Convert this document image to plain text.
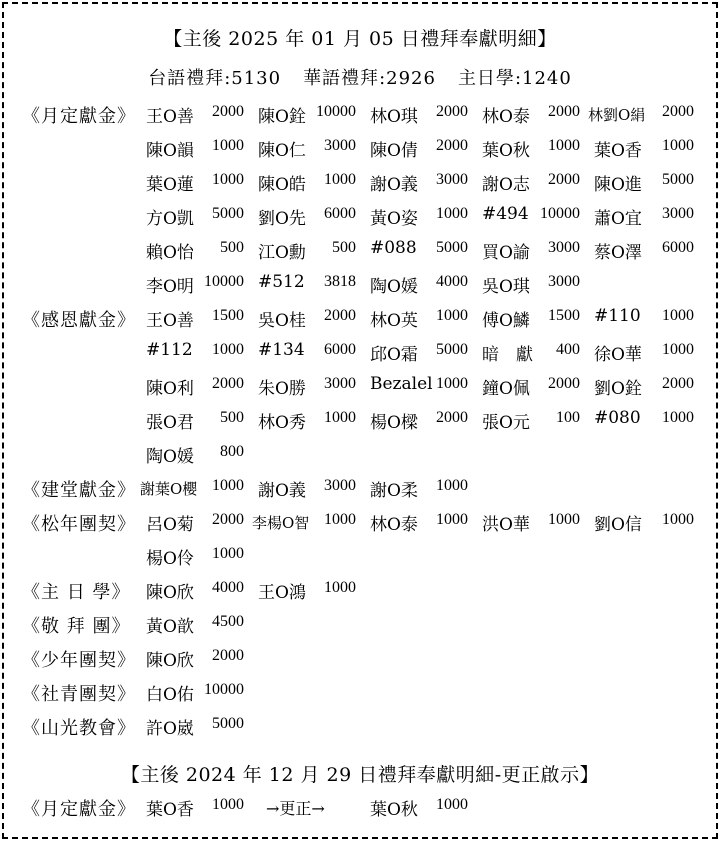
【主後 2025 年 01 月 05 日禮拜奉獻明細】
台語禮拜:5130 華語禮拜:2926 主日學:1240
《月定獻金》 王O善	2000 陳O銓 10000 林O琪	2000 林O泰	2000 林劉O絹	2000
陳O韻	1000 陳O仁	3000 陳O倩	2000 葉O秋	1000 葉O香	1000
葉O蓮	1000 陳O皓	1000 謝O義	3000 謝O志	2000 陳O進	5000
方O凱	5000 劉O先	6000 黃O姿	1000 #494 10000 蕭O宜	3000
賴O怡	500 江O勳	500 #088	5000 買O諭	3000 蔡O澤	6000
李O明 10000 #512	3818 陶O媛	4000 吳O琪	3000
《感恩獻金》 王O善	1500 吳O桂	2000 林O英	1000 傅O鱗	1500 #110	1000
#112	1000 #134	6000 邱O霜	5000 暗　獻	400 徐O華	1000
陳O利	2000 朱O勝	3000 Bezalel 1000 鐘O佩	2000 劉O銓	2000
張O君	500 林O秀	1000 楊O樑	2000 張O元	100 #080	1000
陶O媛	800
《建堂獻金》 謝葉O櫻 1000 謝O義	3000 謝O柔	1000
《松年團契》 呂O菊	2000 李楊O智 1000 林O泰	1000 洪O華	1000 劉O信	1000
楊O伶	1000
《主 日 學》 陳O欣	4000 王O鴻	1000
《敬 拜 團》 黃O歆	4500
《少年團契》 陳O欣	2000
《社青團契》 白O佑 10000
《山光教會》 許O崴	5000
【主後 2024 年 12 月 29 日禮拜奉獻明細-更正啟示】
《月定獻金》 葉O香	1000 →更正→	葉O秋	1000
